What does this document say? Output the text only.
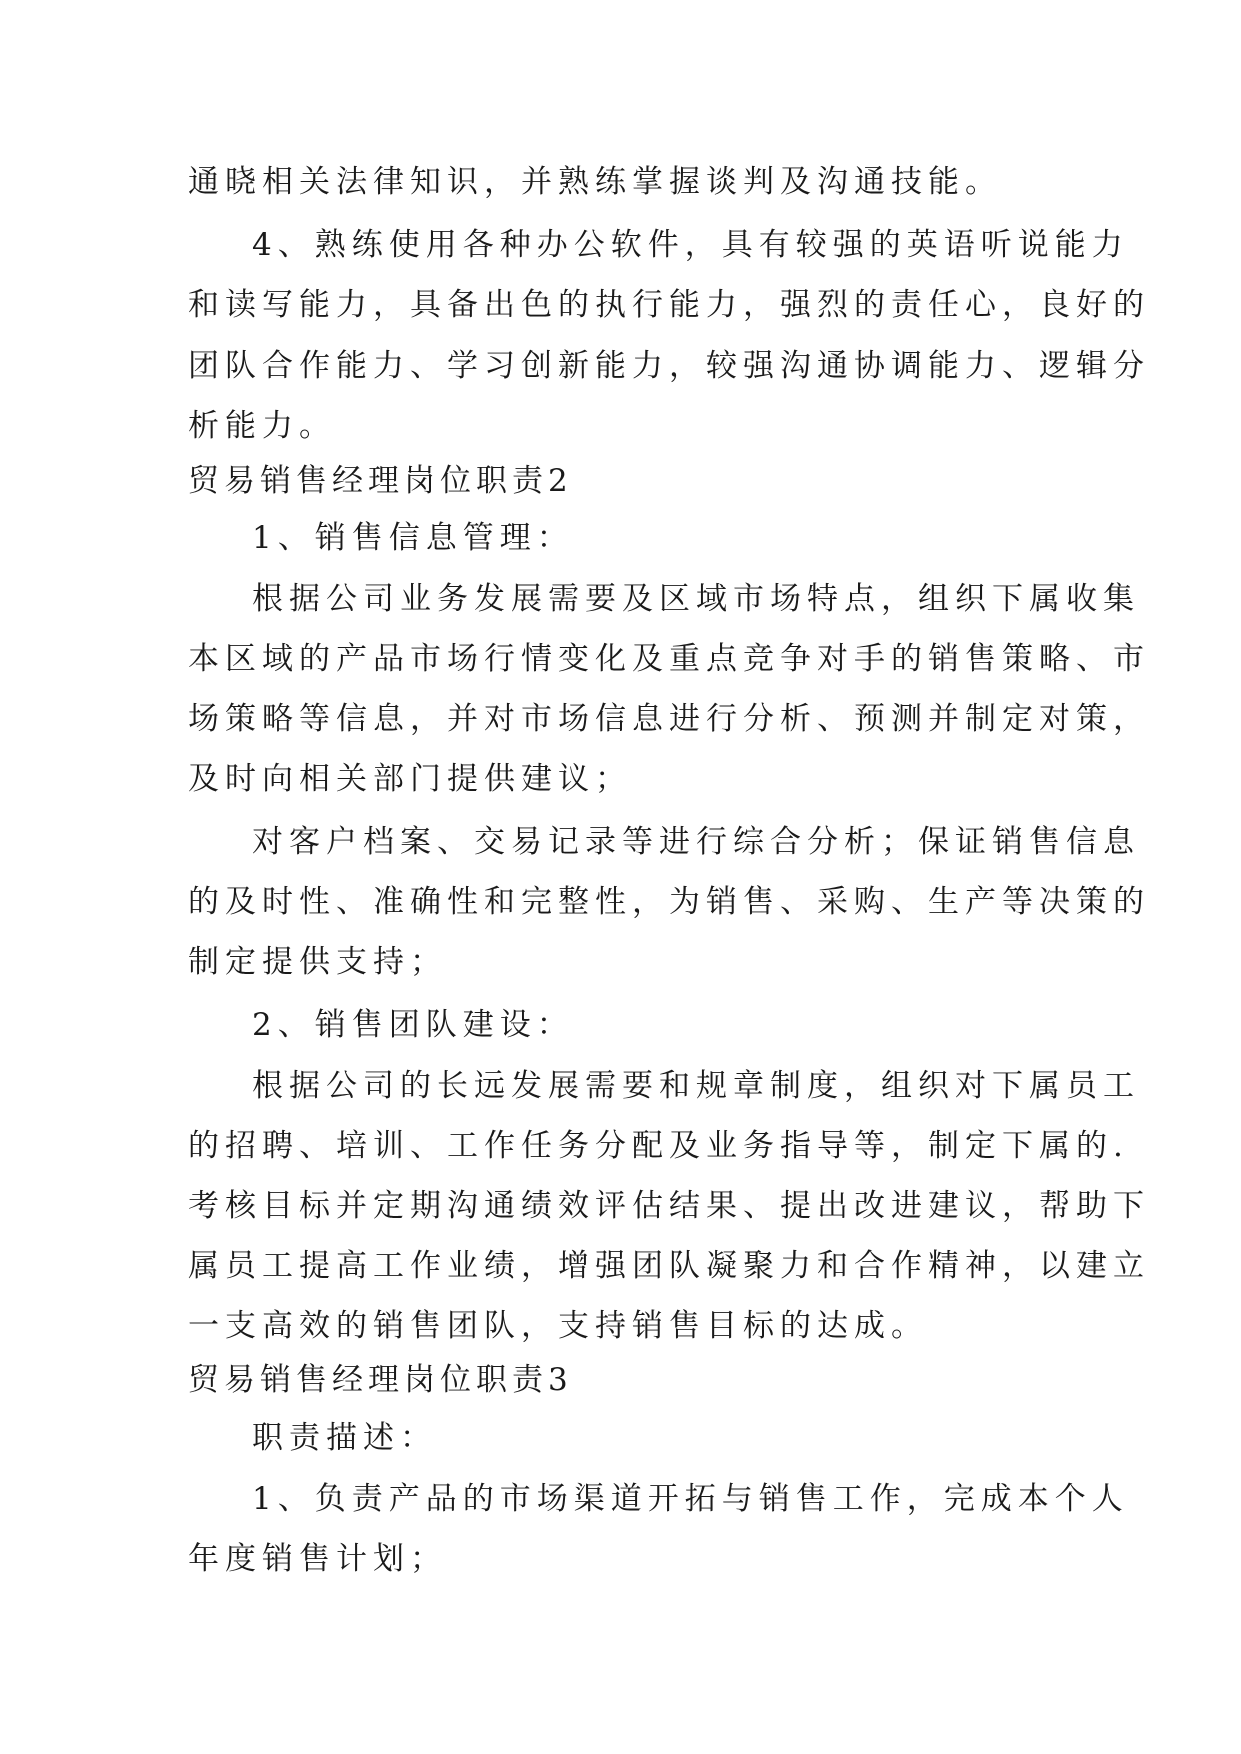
通晓相关法律知识，并熟练掌握谈判及沟通技能。
4、熟练使用各种办公软件，具有较强的英语听说能力
和读写能力，具备出色的执行能力，强烈的责任心，良好的
团队合作能力、学习创新能力，较强沟通协调能力、逻辑分
析能力。
贸易销售经理岗位职责2
1、销售信息管理：
根据公司业务发展需要及区域市场特点，组织下属收集
本区域的产品市场行情变化及重点竞争对手的销售策略、市
场策略等信息，并对市场信息进行分析、预测并制定对策，
及时向相关部门提供建议；
对客户档案、交易记录等进行综合分析；保证销售信息
的及时性、准确性和完整性，为销售、采购、生产等决策的
制定提供支持；
2、销售团队建设：
根据公司的长远发展需要和规章制度，组织对下属员工
的招聘、培训、工作任务分配及业务指导等，制定下属的.
考核目标并定期沟通绩效评估结果、提出改进建议，帮助下
属员工提高工作业绩，增强团队凝聚力和合作精神，以建立
一支高效的销售团队，支持销售目标的达成。
贸易销售经理岗位职责3
职责描述：
1、负责产品的市场渠道开拓与销售工作，完成本个人
年度销售计划；
